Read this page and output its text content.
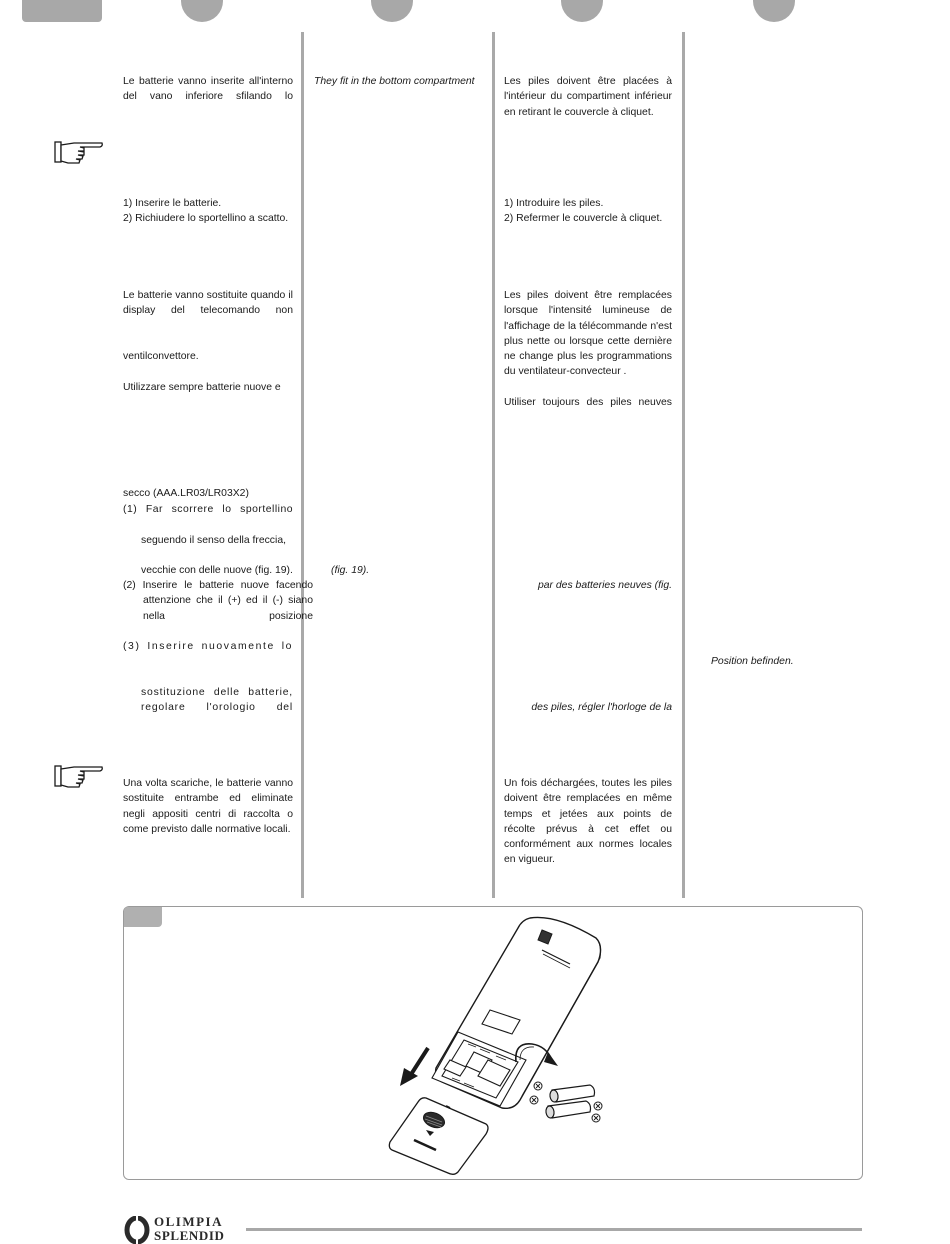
Le batterie vanno inserite all'interno del vano inferiore sfilando lo
1) Inserire le batterie.
2) Richiudere lo sportellino a scatto.
Le batterie vanno sostituite quando il display del telecomando non
ventilconvettore.
Utilizzare sempre batterie nuove e
secco (AAA.LR03/LR03X2)
(1) Far scorrere lo sportellino
seguendo il senso della freccia,
vecchie con delle nuove (fig. 19).
(2) Inserire le batterie nuove facendo attenzione che il (+) ed il (-) siano nella posizione
(3) Inserire nuovamente lo
sostituzione delle batterie, regolare l'orologio del
Una volta scariche, le batterie vanno sostituite entrambe ed eliminate negli appositi centri di raccolta o come previsto dalle normative locali.
They fit in the bottom compartment
(fig. 19).
Les piles doivent être placées à l'intérieur du compartiment inférieur en retirant le couvercle à cliquet.
1) Introduire les piles.
2) Refermer le couvercle à cliquet.
Les piles doivent être remplacées lorsque l'intensité lumineuse de l'affichage de la télécommande n'est plus nette ou lorsque cette dernière ne change plus les programmations du ventilateur-convecteur .
Utiliser toujours des piles neuves
par des batteries neuves (fig.
des piles, régler l'horloge de la
Un fois déchargées, toutes les piles doivent être remplacées en même temps et jetées aux points de récolte prévus à cet effet ou conformément aux normes locales en vigueur.
Position befinden.
OLIMPIA
SPLENDID
